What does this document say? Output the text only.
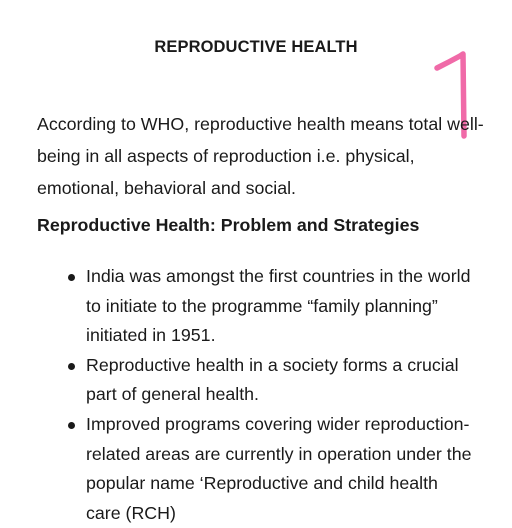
REPRODUCTIVE HEALTH

According to WHO, reproductive health means total well-being in all aspects of reproduction i.e. physical, emotional, behavioral and social.

Reproductive Health: Problem and Strategies
India was amongst the first countries in the world to initiate to the programme “family planning” initiated in 1951.
Reproductive health in a society forms a crucial part of general health.
Improved programs covering wider reproduction-related areas are currently in operation under the popular name ‘Reproductive and child health care (RCH)
